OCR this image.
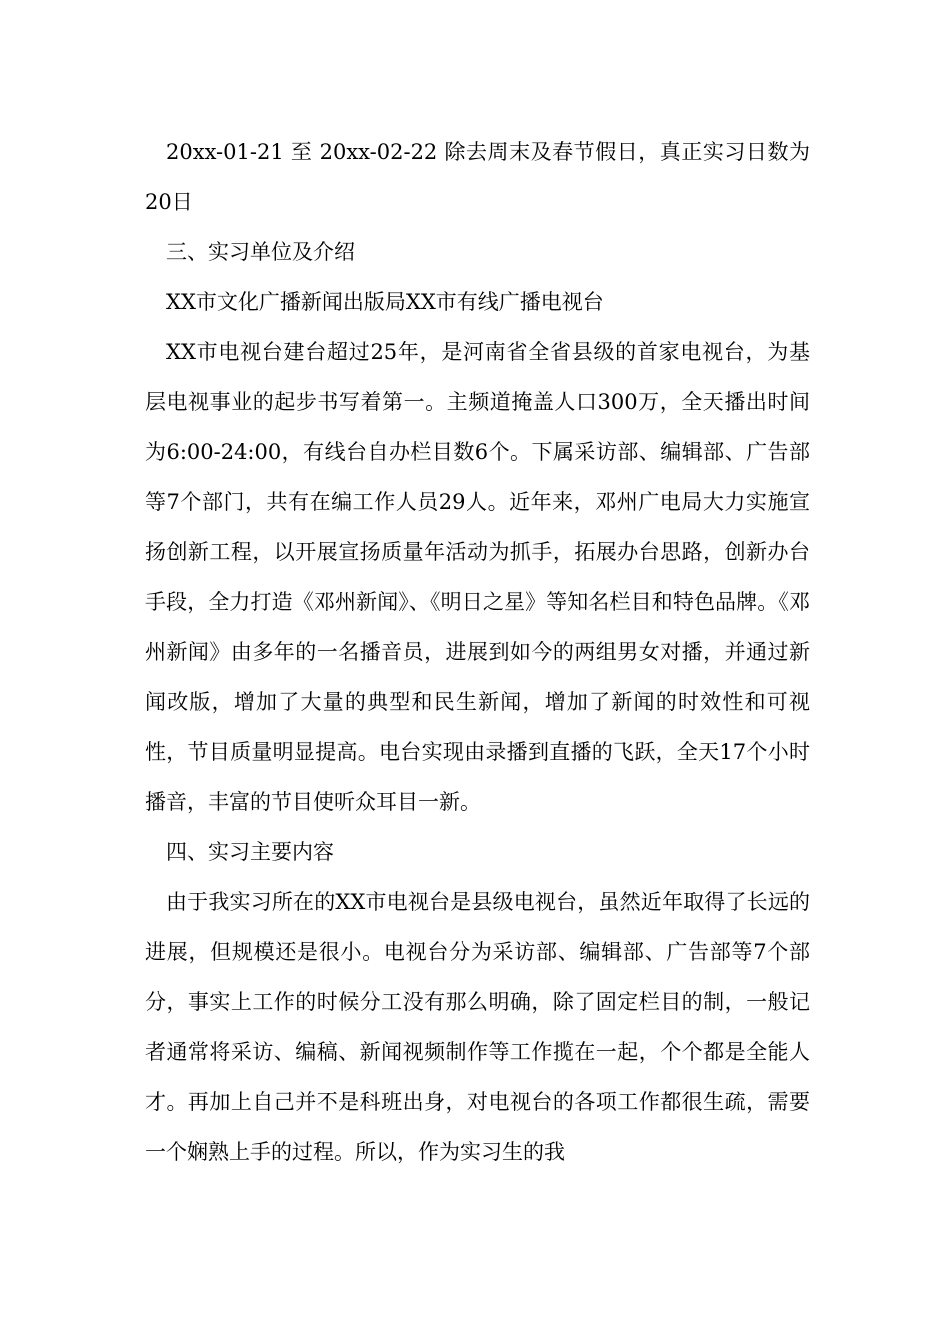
20xx-01-21 至 20xx-02-22 除去周末及春节假日，真正实习日数为20日

三、实习单位及介绍

XX市文化广播新闻出版局XX市有线广播电视台

XX市电视台建台超过25年，是河南省全省县级的首家电视台，为基层电视事业的起步书写着第一。主频道掩盖人口300万，全天播出时间为6:00-24:00，有线台自办栏目数6个。下属采访部、编辑部、广告部等7个部门，共有在编工作人员29人。近年来，邓州广电局大力实施宣扬创新工程，以开展宣扬质量年活动为抓手，拓展办台思路，创新办台手段，全力打造《邓州新闻》、《明日之星》等知名栏目和特色品牌。《邓州新闻》由多年的一名播音员，进展到如今的两组男女对播，并通过新闻改版，增加了大量的典型和民生新闻，增加了新闻的时效性和可视性，节目质量明显提高。电台实现由录播到直播的飞跃，全天17个小时播音，丰富的节目使听众耳目一新。

四、实习主要内容

由于我实习所在的XX市电视台是县级电视台，虽然近年取得了长远的进展，但规模还是很小。电视台分为采访部、编辑部、广告部等7个部分，事实上工作的时候分工没有那么明确，除了固定栏目的制，一般记者通常将采访、编稿、新闻视频制作等工作揽在一起，个个都是全能人才。再加上自己并不是科班出身，对电视台的各项工作都很生疏，需要一个娴熟上手的过程。所以，作为实习生的我
